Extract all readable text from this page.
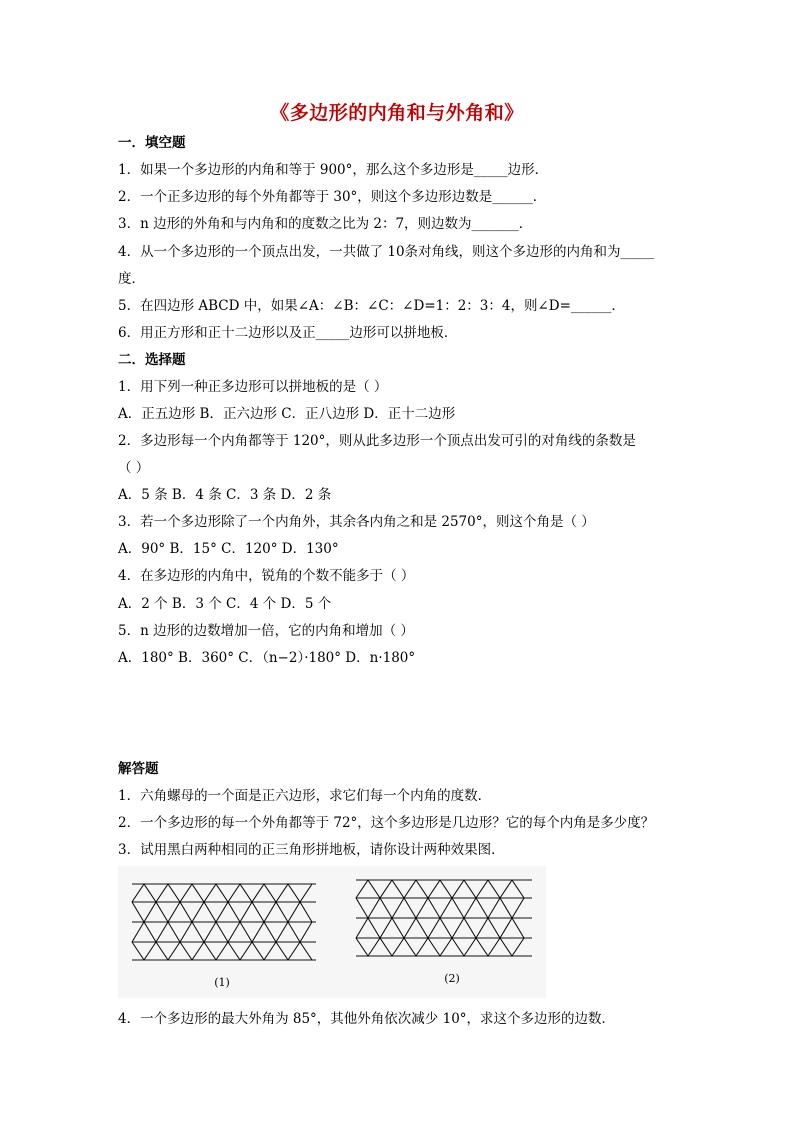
《多边形的内角和与外角和》
一．填空题
1．如果一个多边形的内角和等于 900°，那么这个多边形是_____边形．
2．一个正多边形的每个外角都等于 30°，则这个多边形边数是______．
3．n 边形的外角和与内角和的度数之比为 2：7，则边数为_______．
4．从一个多边形的一个顶点出发，一共做了 10条对角线，则这个多边形的内角和为_____
度．
5．在四边形 ABCD 中，如果∠A：∠B：∠C：∠D=1：2：3：4，则∠D=______．
6．用正方形和正十二边形以及正_____边形可以拼地板．
二．选择题
1．用下列一种正多边形可以拼地板的是（ ）
A．正五边形 B．正六边形 C．正八边形 D．正十二边形
2．多边形每一个内角都等于 120°，则从此多边形一个顶点出发可引的对角线的条数是
（ ）
A．5 条 B．4 条 C．3 条 D．2 条
3．若一个多边形除了一个内角外，其余各内角之和是 2570°，则这个角是（ ）
A．90° B．15° C．120° D．130°
4．在多边形的内角中，锐角的个数不能多于（ ）
A．2 个 B．3 个 C．4 个 D．5 个
5．n 边形的边数增加一倍，它的内角和增加（ ）
A．180° B．360° C．（n−2）·180° D．n·180°
解答题
1．六角螺母的一个面是正六边形，求它们每一个内角的度数．
2．一个多边形的每一个外角都等于 72°，这个多边形是几边形？它的每个内角是多少度？
3．试用黑白两种相同的正三角形拼地板，请你设计两种效果图．
(1)	(2)
4．一个多边形的最大外角为 85°，其他外角依次减少 10°，求这个多边形的边数．
